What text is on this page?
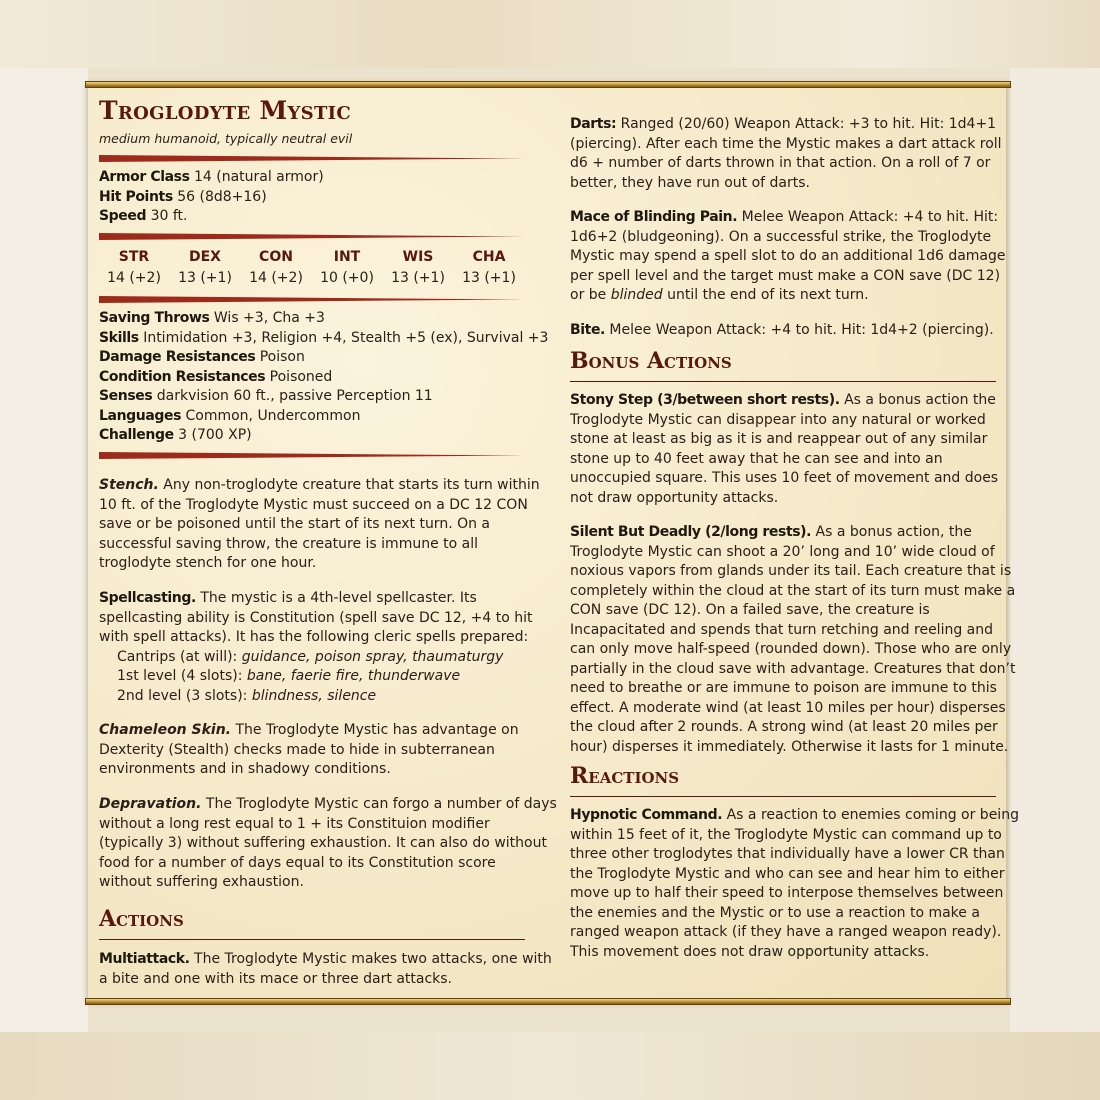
Troglodyte Mystic

medium humanoid, typically neutral evil

Armor Class 14 (natural armor)

Hit Points 56 (8d8+16)

Speed 30 ft.

STR
14 (+2)
DEX
13 (+1)
CON
14 (+2)
INT
10 (+0)
WIS
13 (+1)
CHA
13 (+1)

Saving Throws Wis +3, Cha +3

Skills Intimidation +3, Religion +4, Stealth +5 (ex), Survival +3

Damage Resistances Poison

Condition Resistances Poisoned

Senses darkvision 60 ft., passive Perception 11

Languages Common, Undercommon

Challenge 3 (700 XP)

Stench. Any non-troglodyte creature that starts its turn within

10 ft. of the Troglodyte Mystic must succeed on a DC 12 CON

save or be poisoned until the start of its next turn. On a

successful saving throw, the creature is immune to all

troglodyte stench for one hour.

Spellcasting. The mystic is a 4th-level spellcaster. Its

spellcasting ability is Constitution (spell save DC 12, +4 to hit

with spell attacks). It has the following cleric spells prepared:

Cantrips (at will): guidance, poison spray, thaumaturgy

1st level (4 slots): bane, faerie fire, thunderwave

2nd level (3 slots): blindness, silence

Chameleon Skin. The Troglodyte Mystic has advantage on

Dexterity (Stealth) checks made to hide in subterranean

environments and in shadowy conditions.

Depravation. The Troglodyte Mystic can forgo a number of days

without a long rest equal to 1 + its Constituion modifier

(typically 3) without suffering exhaustion. It can also do without

food for a number of days equal to its Constitution score

without suffering exhaustion.

Actions

Multiattack. The Troglodyte Mystic makes two attacks, one with

a bite and one with its mace or three dart attacks.

Darts: Ranged (20/60) Weapon Attack: +3 to hit. Hit: 1d4+1

(piercing). After each time the Mystic makes a dart attack roll

d6 + number of darts thrown in that action. On a roll of 7 or

better, they have run out of darts.

Mace of Blinding Pain. Melee Weapon Attack: +4 to hit. Hit:

1d6+2 (bludgeoning). On a successful strike, the Troglodyte

Mystic may spend a spell slot to do an additional 1d6 damage

per spell level and the target must make a CON save (DC 12)

or be blinded until the end of its next turn.

Bite. Melee Weapon Attack: +4 to hit. Hit: 1d4+2 (piercing).

Bonus Actions

Stony Step (3/between short rests). As a bonus action the

Troglodyte Mystic can disappear into any natural or worked

stone at least as big as it is and reappear out of any similar

stone up to 40 feet away that he can see and into an

unoccupied square. This uses 10 feet of movement and does

not draw opportunity attacks.

Silent But Deadly (2/long rests). As a bonus action, the

Troglodyte Mystic can shoot a 20’ long and 10’ wide cloud of

noxious vapors from glands under its tail. Each creature that is

completely within the cloud at the start of its turn must make a

CON save (DC 12). On a failed save, the creature is

Incapacitated and spends that turn retching and reeling and

can only move half-speed (rounded down). Those who are only

partially in the cloud save with advantage. Creatures that don’t

need to breathe or are immune to poison are immune to this

effect. A moderate wind (at least 10 miles per hour) disperses

the cloud after 2 rounds. A strong wind (at least 20 miles per

hour) disperses it immediately. Otherwise it lasts for 1 minute.

Reactions

Hypnotic Command. As a reaction to enemies coming or being

within 15 feet of it, the Troglodyte Mystic can command up to

three other troglodytes that individually have a lower CR than

the Troglodyte Mystic and who can see and hear him to either

move up to half their speed to interpose themselves between

the enemies and the Mystic or to use a reaction to make a

ranged weapon attack (if they have a ranged weapon ready).

This movement does not draw opportunity attacks.
